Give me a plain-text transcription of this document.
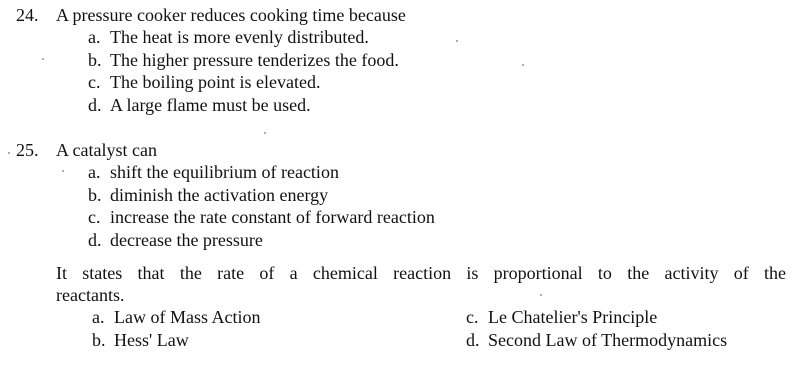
24. A pressure cooker reduces cooking time because
a. The heat is more evenly distributed.
b. The higher pressure tenderizes the food.
c. The boiling point is elevated.
d. A large flame must be used.
25. A catalyst can
a. shift the equilibrium of reaction
b. diminish the activation energy
c. increase the rate constant of forward reaction
d. decrease the pressure
It states that the rate of a chemical reaction is proportional to the activity of the
reactants.
a. Law of Mass Action
b. Hess' Law
c. Le Chatelier's Principle
d. Second Law of Thermodynamics
